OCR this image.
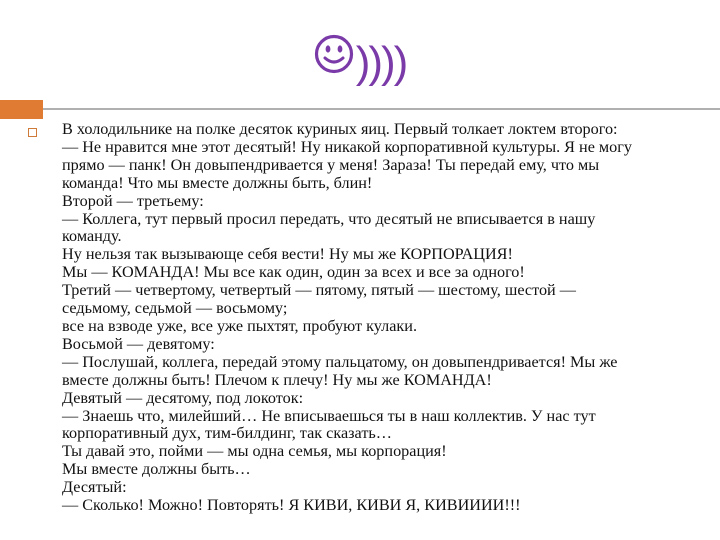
))))
В холодильнике на полке десяток куриных яиц. Первый толкает локтем второго:
— Не нравится мне этот десятый! Ну никакой корпоративной культуры. Я не могу
прямо — панк! Он довыпендривается у меня! Зараза! Ты передай ему, что мы
команда! Что мы вместе должны быть, блин!
Второй — третьему:
— Коллега, тут первый просил передать, что десятый не вписывается в нашу
команду.
Ну нельзя так вызывающе себя вести! Ну мы же КОРПОРАЦИЯ!
Мы — КОМАНДА! Мы все как один, один за всех и все за одного!
Третий — четвертому, четвертый — пятому, пятый — шестому, шестой —
седьмому, седьмой — восьмому;
все на взводе уже, все уже пыхтят, пробуют кулаки.
Восьмой — девятому:
— Послушай, коллега, передай этому пальцатому, он довыпендривается! Мы же
вместе должны быть! Плечом к плечу! Ну мы же КОМАНДА!
Девятый — десятому, под локоток:
— Знаешь что, милейший… Не вписываешься ты в наш коллектив. У нас тут
корпоративный дух, тим-билдинг, так сказать…
Ты давай это, пойми — мы одна семья, мы корпорация!
Мы вместе должны быть…
Десятый:
— Сколько! Можно! Повторять! Я КИВИ, КИВИ Я, КИВИИИИ!!!
